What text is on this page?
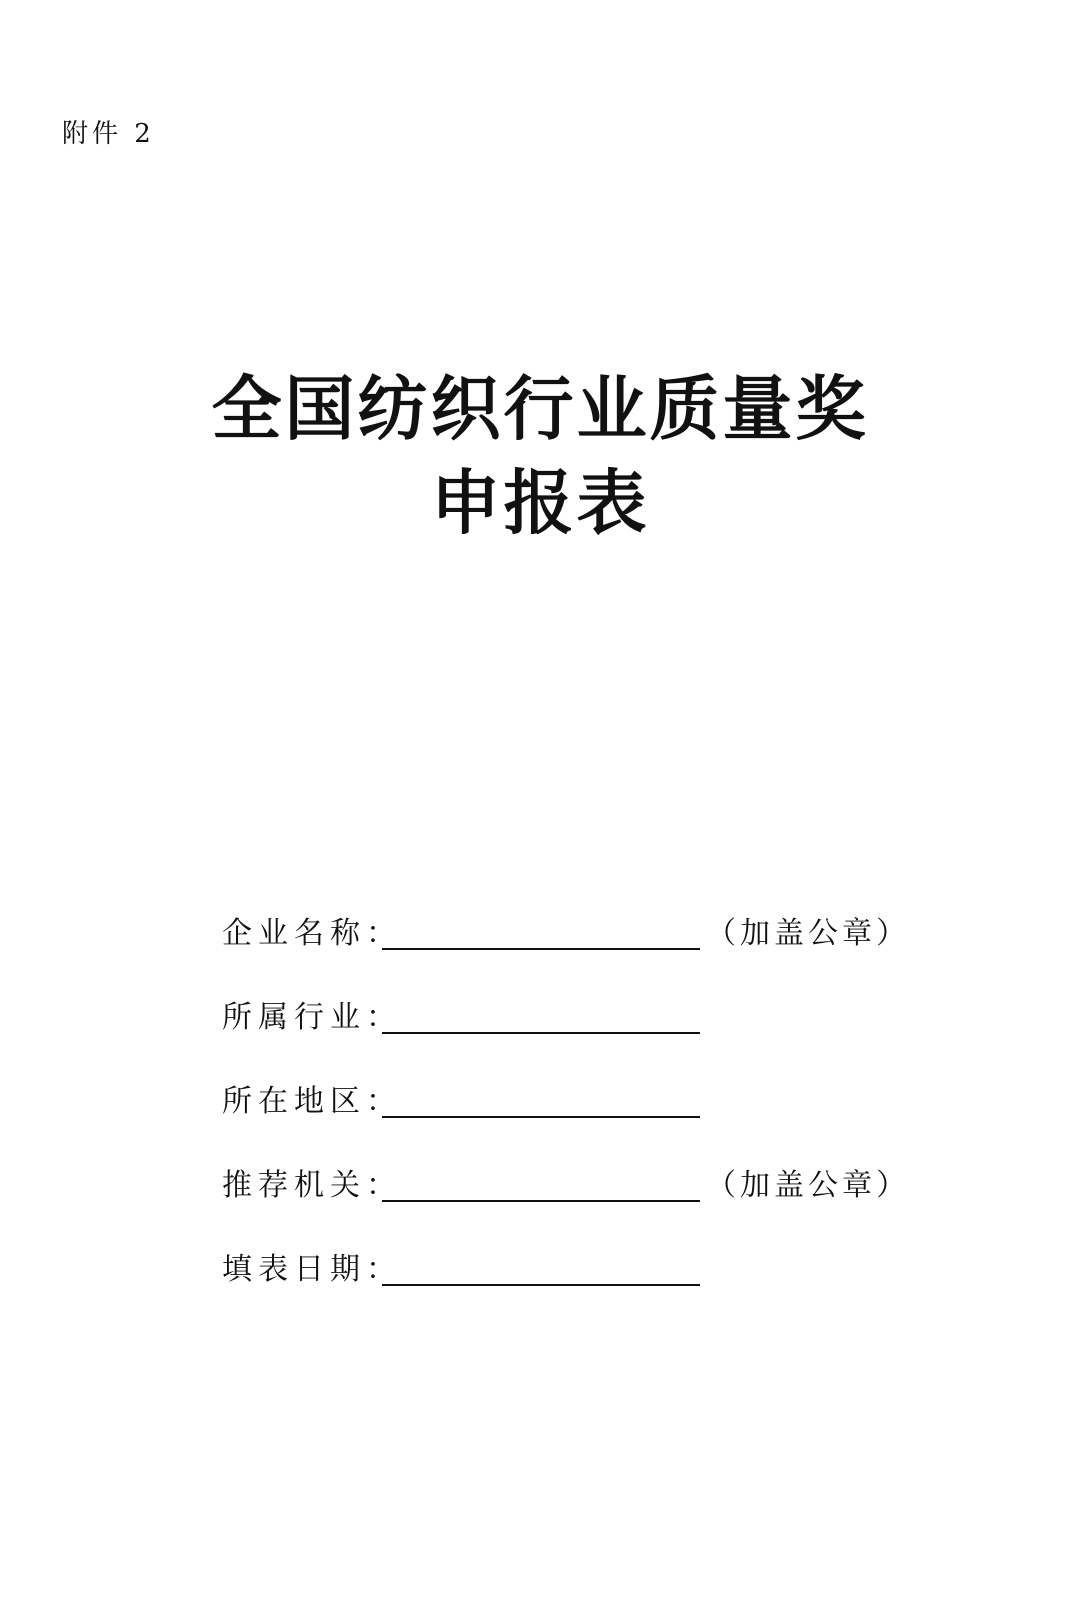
附件 2
全国纺织行业质量奖
申报表
企业名称：	（加盖公章）
所属行业：
所在地区：
推荐机关：	（加盖公章）
填表日期：
